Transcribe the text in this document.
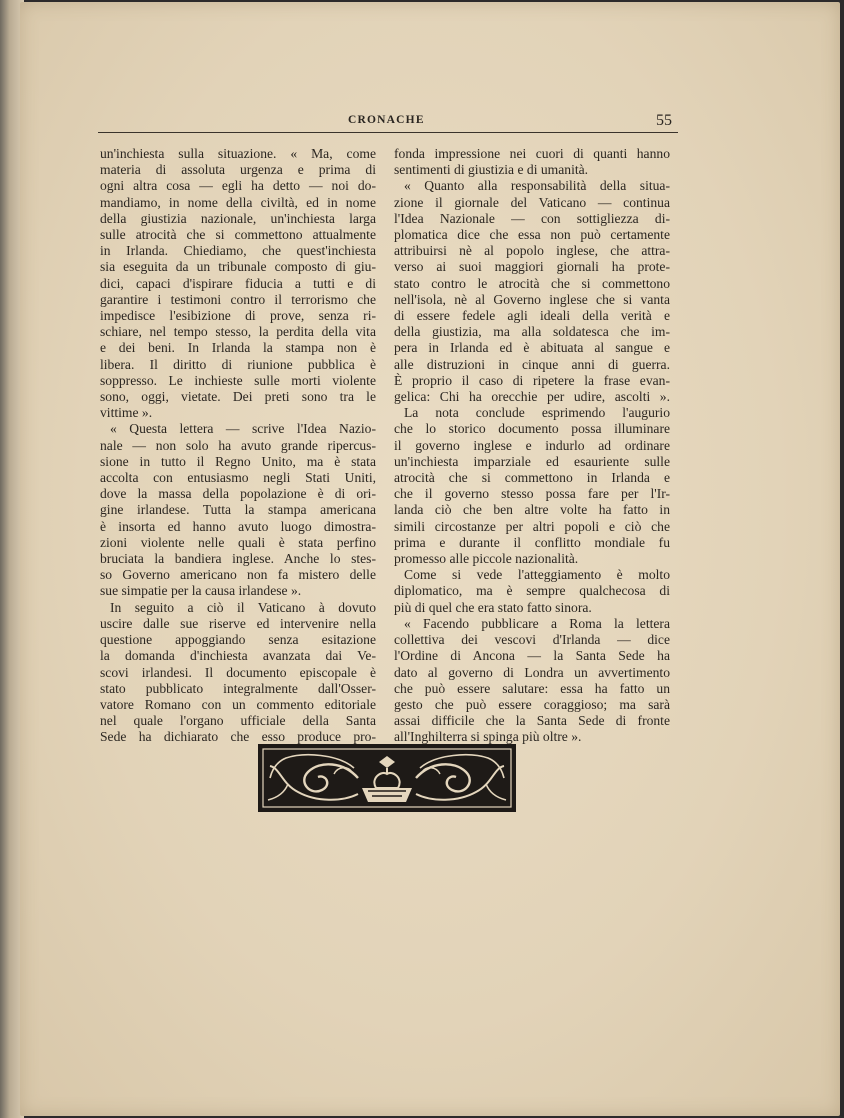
CRONACHE	55
un'inchiesta sulla situazione. « Ma, come
materia di assoluta urgenza e prima di
ogni altra cosa — egli ha detto — noi do-
mandiamo, in nome della civiltà, ed in nome
della giustizia nazionale, un'inchiesta larga
sulle atrocità che si commettono attualmente
in Irlanda. Chiediamo, che quest'inchiesta
sia eseguita da un tribunale composto di giu-
dici, capaci d'ispirare fiducia a tutti e di
garantire i testimoni contro il terrorismo che
impedisce l'esibizione di prove, senza ri-
schiare, nel tempo stesso, la perdita della vita
e dei beni. In Irlanda la stampa non è
libera. Il diritto di riunione pubblica è
soppresso. Le inchieste sulle morti violente
sono, oggi, vietate. Dei preti sono tra le
vittime ».
« Questa lettera — scrive l'Idea Nazio-
nale — non solo ha avuto grande ripercus-
sione in tutto il Regno Unito, ma è stata
accolta con entusiasmo negli Stati Uniti,
dove la massa della popolazione è di ori-
gine irlandese. Tutta la stampa americana
è insorta ed hanno avuto luogo dimostra-
zioni violente nelle quali è stata perfino
bruciata la bandiera inglese. Anche lo stes-
so Governo americano non fa mistero delle
sue simpatie per la causa irlandese ».
In seguito a ciò il Vaticano à dovuto
uscire dalle sue riserve ed intervenire nella
questione appoggiando senza esitazione
la domanda d'inchiesta avanzata dai Ve-
scovi irlandesi. Il documento episcopale è
stato pubblicato integralmente dall'Osser-
vatore Romano con un commento editoriale
nel quale l'organo ufficiale della Santa
Sede ha dichiarato che esso produce pro-
fonda impressione nei cuori di quanti hanno
sentimenti di giustizia e di umanità.
« Quanto alla responsabilità della situa-
zione il giornale del Vaticano — continua
l'Idea Nazionale — con sottigliezza di-
plomatica dice che essa non può certamente
attribuirsi nè al popolo inglese, che attra-
verso ai suoi maggiori giornali ha prote-
stato contro le atrocità che si commettono
nell'isola, nè al Governo inglese che si vanta
di essere fedele agli ideali della verità e
della giustizia, ma alla soldatesca che im-
pera in Irlanda ed è abituata al sangue e
alle distruzioni in cinque anni di guerra.
È proprio il caso di ripetere la frase evan-
gelica: Chi ha orecchie per udire, ascolti ».
La nota conclude esprimendo l'augurio
che lo storico documento possa illuminare
il governo inglese e indurlo ad ordinare
un'inchiesta imparziale ed esauriente sulle
atrocità che si commettono in Irlanda e
che il governo stesso possa fare per l'Ir-
landa ciò che ben altre volte ha fatto in
simili circostanze per altri popoli e ciò che
prima e durante il conflitto mondiale fu
promesso alle piccole nazionalità.
Come si vede l'atteggiamento è molto
diplomatico, ma è sempre qualchecosa di
più di quel che era stato fatto sinora.
« Facendo pubblicare a Roma la lettera
collettiva dei vescovi d'Irlanda — dice
l'Ordine di Ancona — la Santa Sede ha
dato al governo di Londra un avvertimento
che può essere salutare: essa ha fatto un
gesto che può essere coraggioso; ma sarà
assai difficile che la Santa Sede di fronte
all'Inghilterra si spinga più oltre ».
